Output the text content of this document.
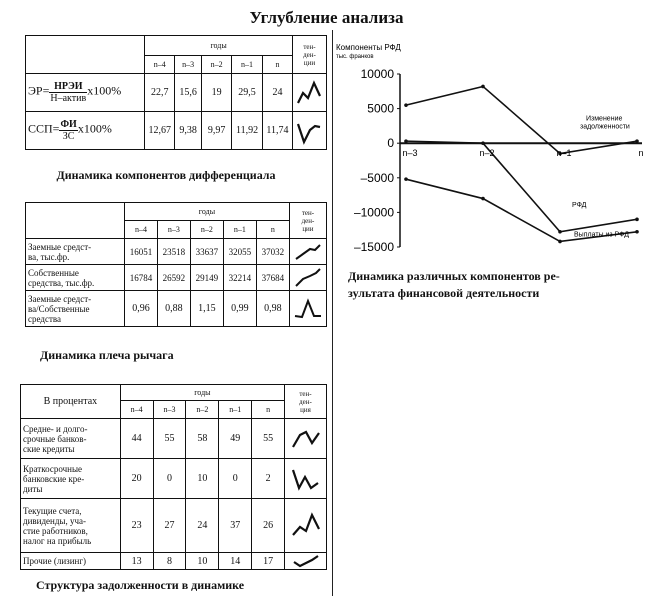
Углубление анализа
	годы					тен-
ден-
ции
	n–4	n–3	n–2	n–1	n	
$ЭР= \frac{\text{НРЭИ}}{\text{Н–актив}} х100\%$	22,7	15,6	19	29,5	24	

$ССП= \frac{ФИ}{ЗС} х100\%$	12,67	9,38	9,97	11,92	11,74	
Динамика компонентов дифференциала
	годы					тен-
ден-
ции
	n–4	n–3	n–2	n–1	n	
Заемные средст-
ва, тыс.фр.	16051	23518	33637	32055	37032	

Собственные
средства, тыс.фр.	16784	26592	29149	32214	37684	

Заемные средст-
ва/Собственные
средства	0,96	0,88	1,15	0,99	0,98	
Динамика плеча рычага
В процентах	годы					тен-
ден-
ция
	n–4	n–3	n–2	n–1	n	
Средне- и долго-
срочные банков-
ские кредиты	44	55	58	49	55	

Краткосрочные
банковские кре-
диты	20	0	10	0	2	

Текущие счета,
дивиденды, уча-
стие работников,
налог на прибыль	23	27	24	37	26	

Прочие (лизинг)	13	8	10	14	17	
Структура задолженности в динамике
Компоненты РФД
тыс. франков
Изменение
задолженности
РФД
Выплаты из РФД
10000
5000
0
–5000
–10000
–15000
n–3	n–2	n–1	n
Динамика различных компонентов ре-
зультата финансовой деятельности
